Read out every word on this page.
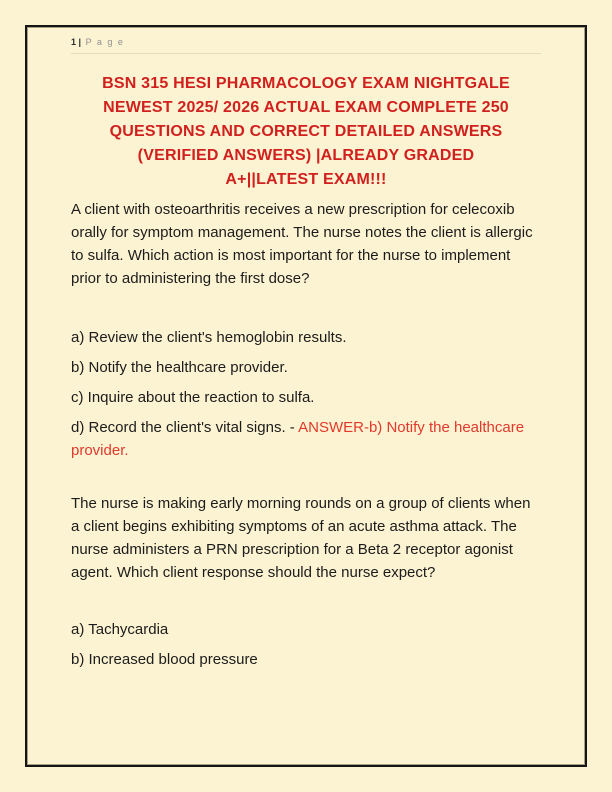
1 | P a g e
BSN 315 HESI PHARMACOLOGY EXAM NIGHTGALE
NEWEST 2025/ 2026 ACTUAL EXAM COMPLETE 250
QUESTIONS AND CORRECT DETAILED ANSWERS
(VERIFIED ANSWERS) |ALREADY GRADED
A+||LATEST EXAM!!!

A client with osteoarthritis receives a new prescription for celecoxib orally for symptom management. The nurse notes the client is allergic to sulfa. Which action is most important for the nurse to implement prior to administering the first dose?

a) Review the client's hemoglobin results.

b) Notify the healthcare provider.

c) Inquire about the reaction to sulfa.

d) Record the client's vital signs. - ANSWER-b) Notify the healthcare provider.

The nurse is making early morning rounds on a group of clients when a client begins exhibiting symptoms of an acute asthma attack. The nurse administers a PRN prescription for a Beta 2 receptor agonist agent. Which client response should the nurse expect?

a) Tachycardia

b) Increased blood pressure
